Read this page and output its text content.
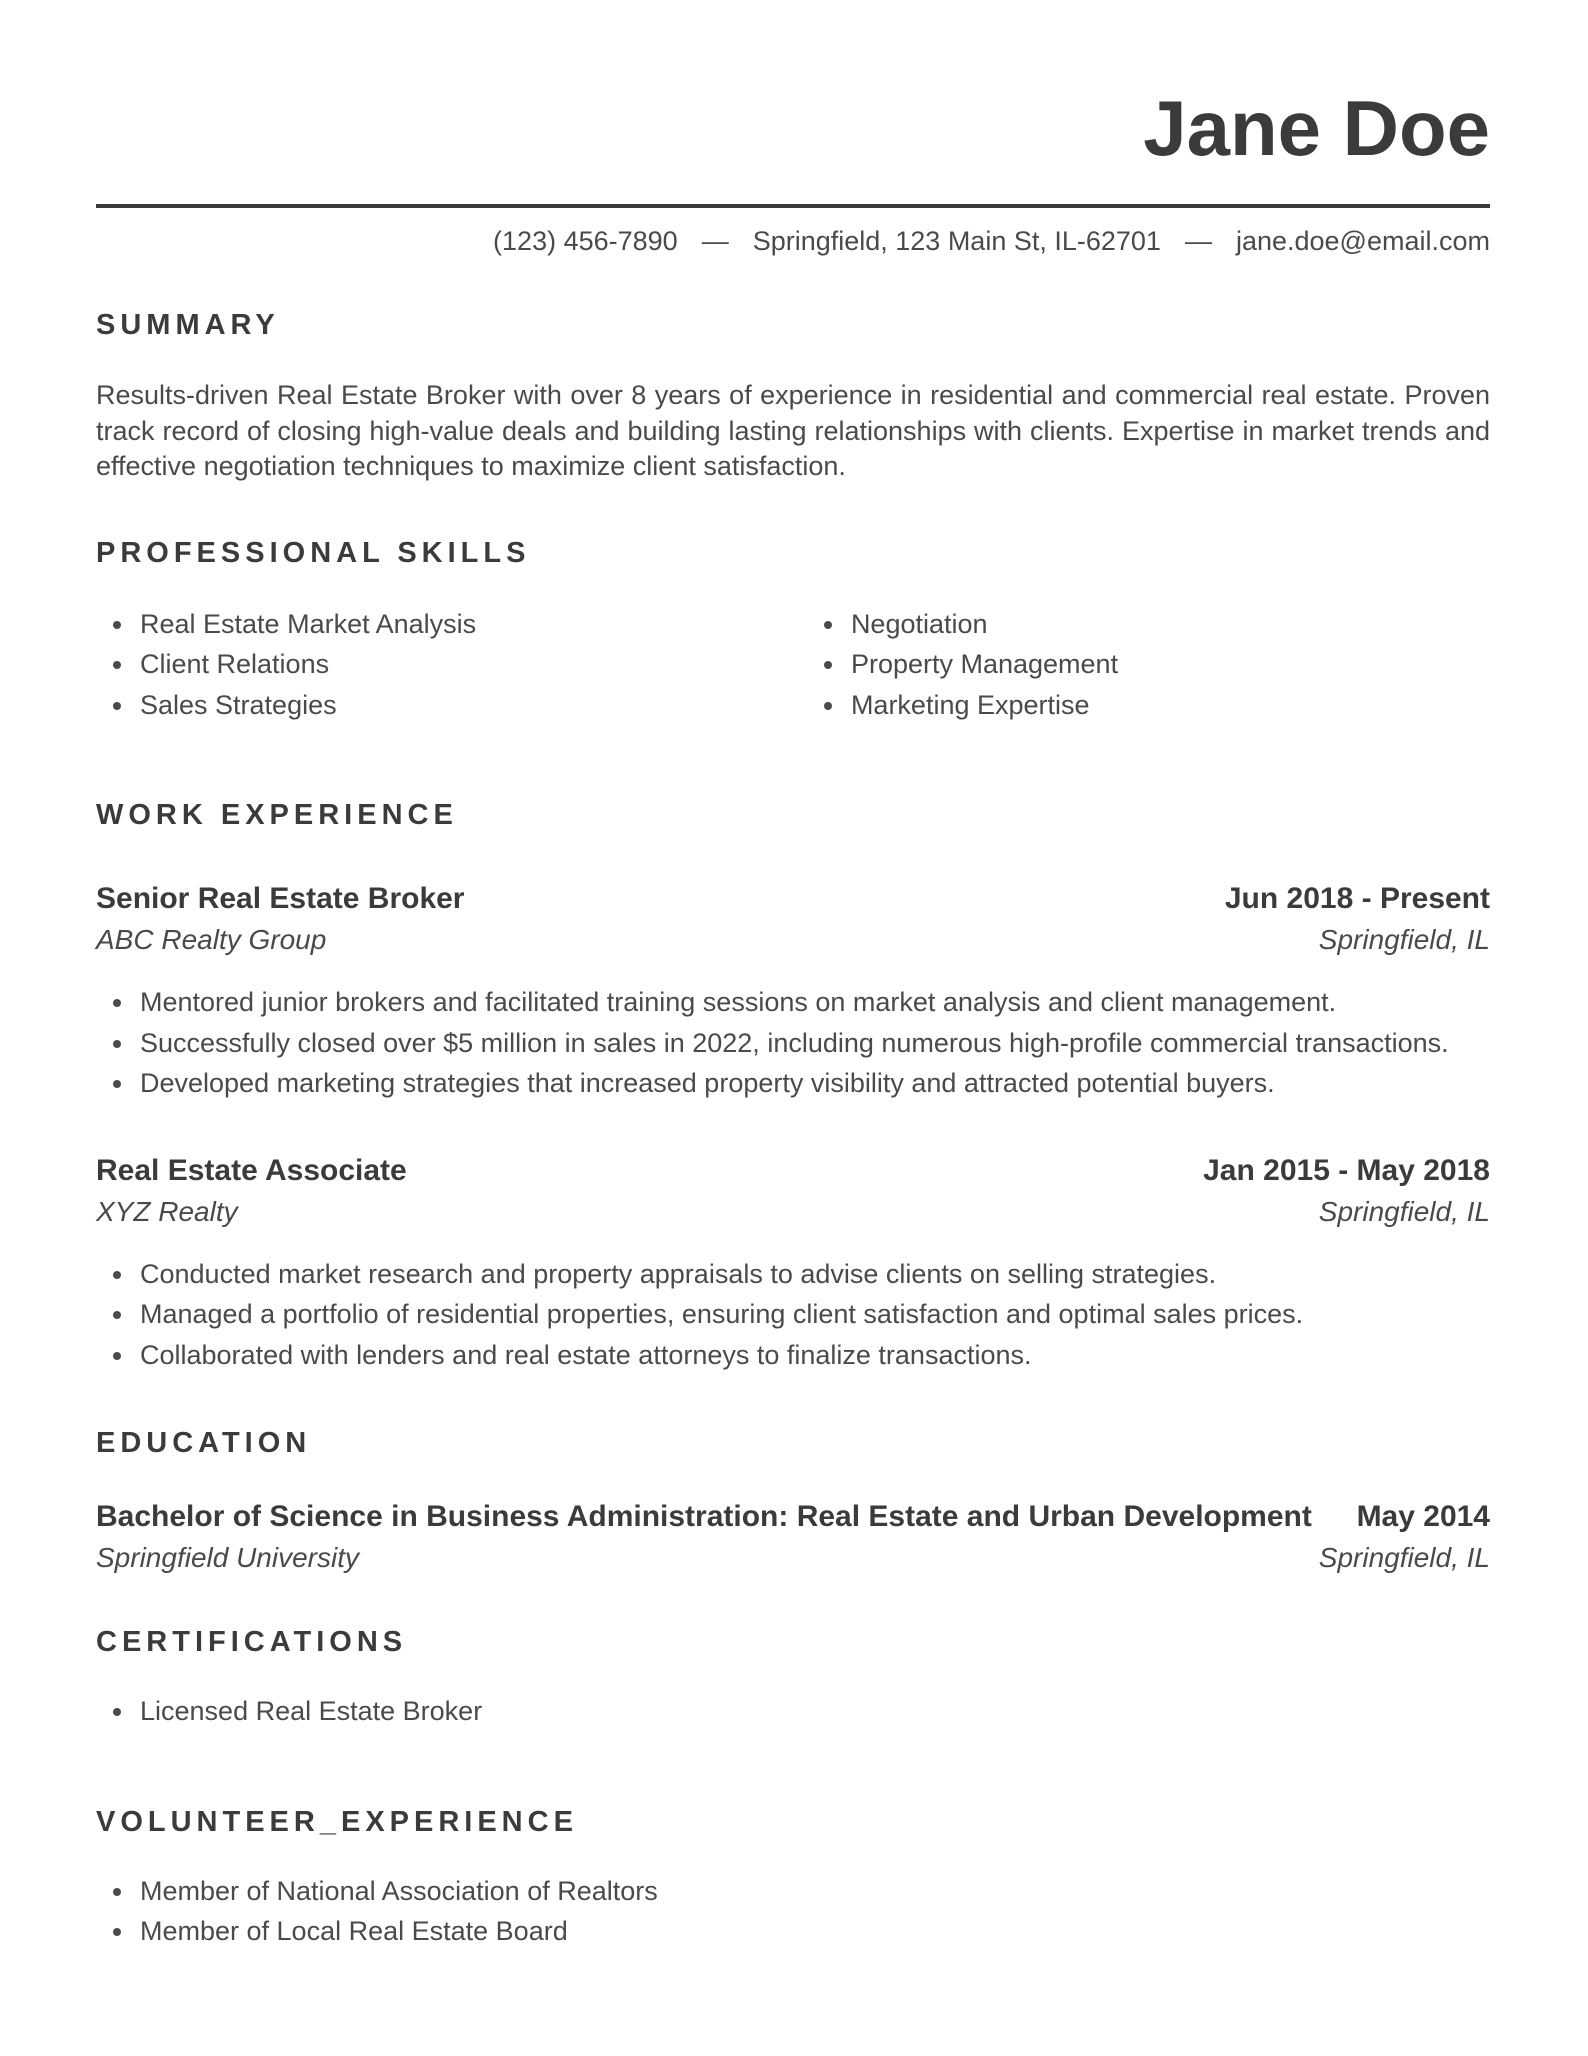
Jane Doe
(123) 456-7890 — Springfield, 123 Main St, IL-62701 — jane.doe@email.com
SUMMARY

Results-driven Real Estate Broker with over 8 years of experience in residential and commercial real estate. Proven track record of closing high-value deals and building lasting relationships with clients. Expertise in market trends and effective negotiation techniques to maximize client satisfaction.

PROFESSIONAL SKILLS
• Real Estate Market Analysis
• Client Relations
• Sales Strategies
• Negotiation
• Property Management
• Marketing Expertise
WORK EXPERIENCE
Senior Real Estate Broker	Jun 2018 - Present
ABC Realty Group	Springfield, IL
• Mentored junior brokers and facilitated training sessions on market analysis and client management.
• Successfully closed over $5 million in sales in 2022, including numerous high-profile commercial transactions.
• Developed marketing strategies that increased property visibility and attracted potential buyers.
Real Estate Associate	Jan 2015 - May 2018
XYZ Realty	Springfield, IL
• Conducted market research and property appraisals to advise clients on selling strategies.
• Managed a portfolio of residential properties, ensuring client satisfaction and optimal sales prices.
• Collaborated with lenders and real estate attorneys to finalize transactions.
EDUCATION
Bachelor of Science in Business Administration: Real Estate and Urban Development May 2014
Springfield University	Springfield, IL
CERTIFICATIONS
• Licensed Real Estate Broker
VOLUNTEER_EXPERIENCE
• Member of National Association of Realtors
• Member of Local Real Estate Board
